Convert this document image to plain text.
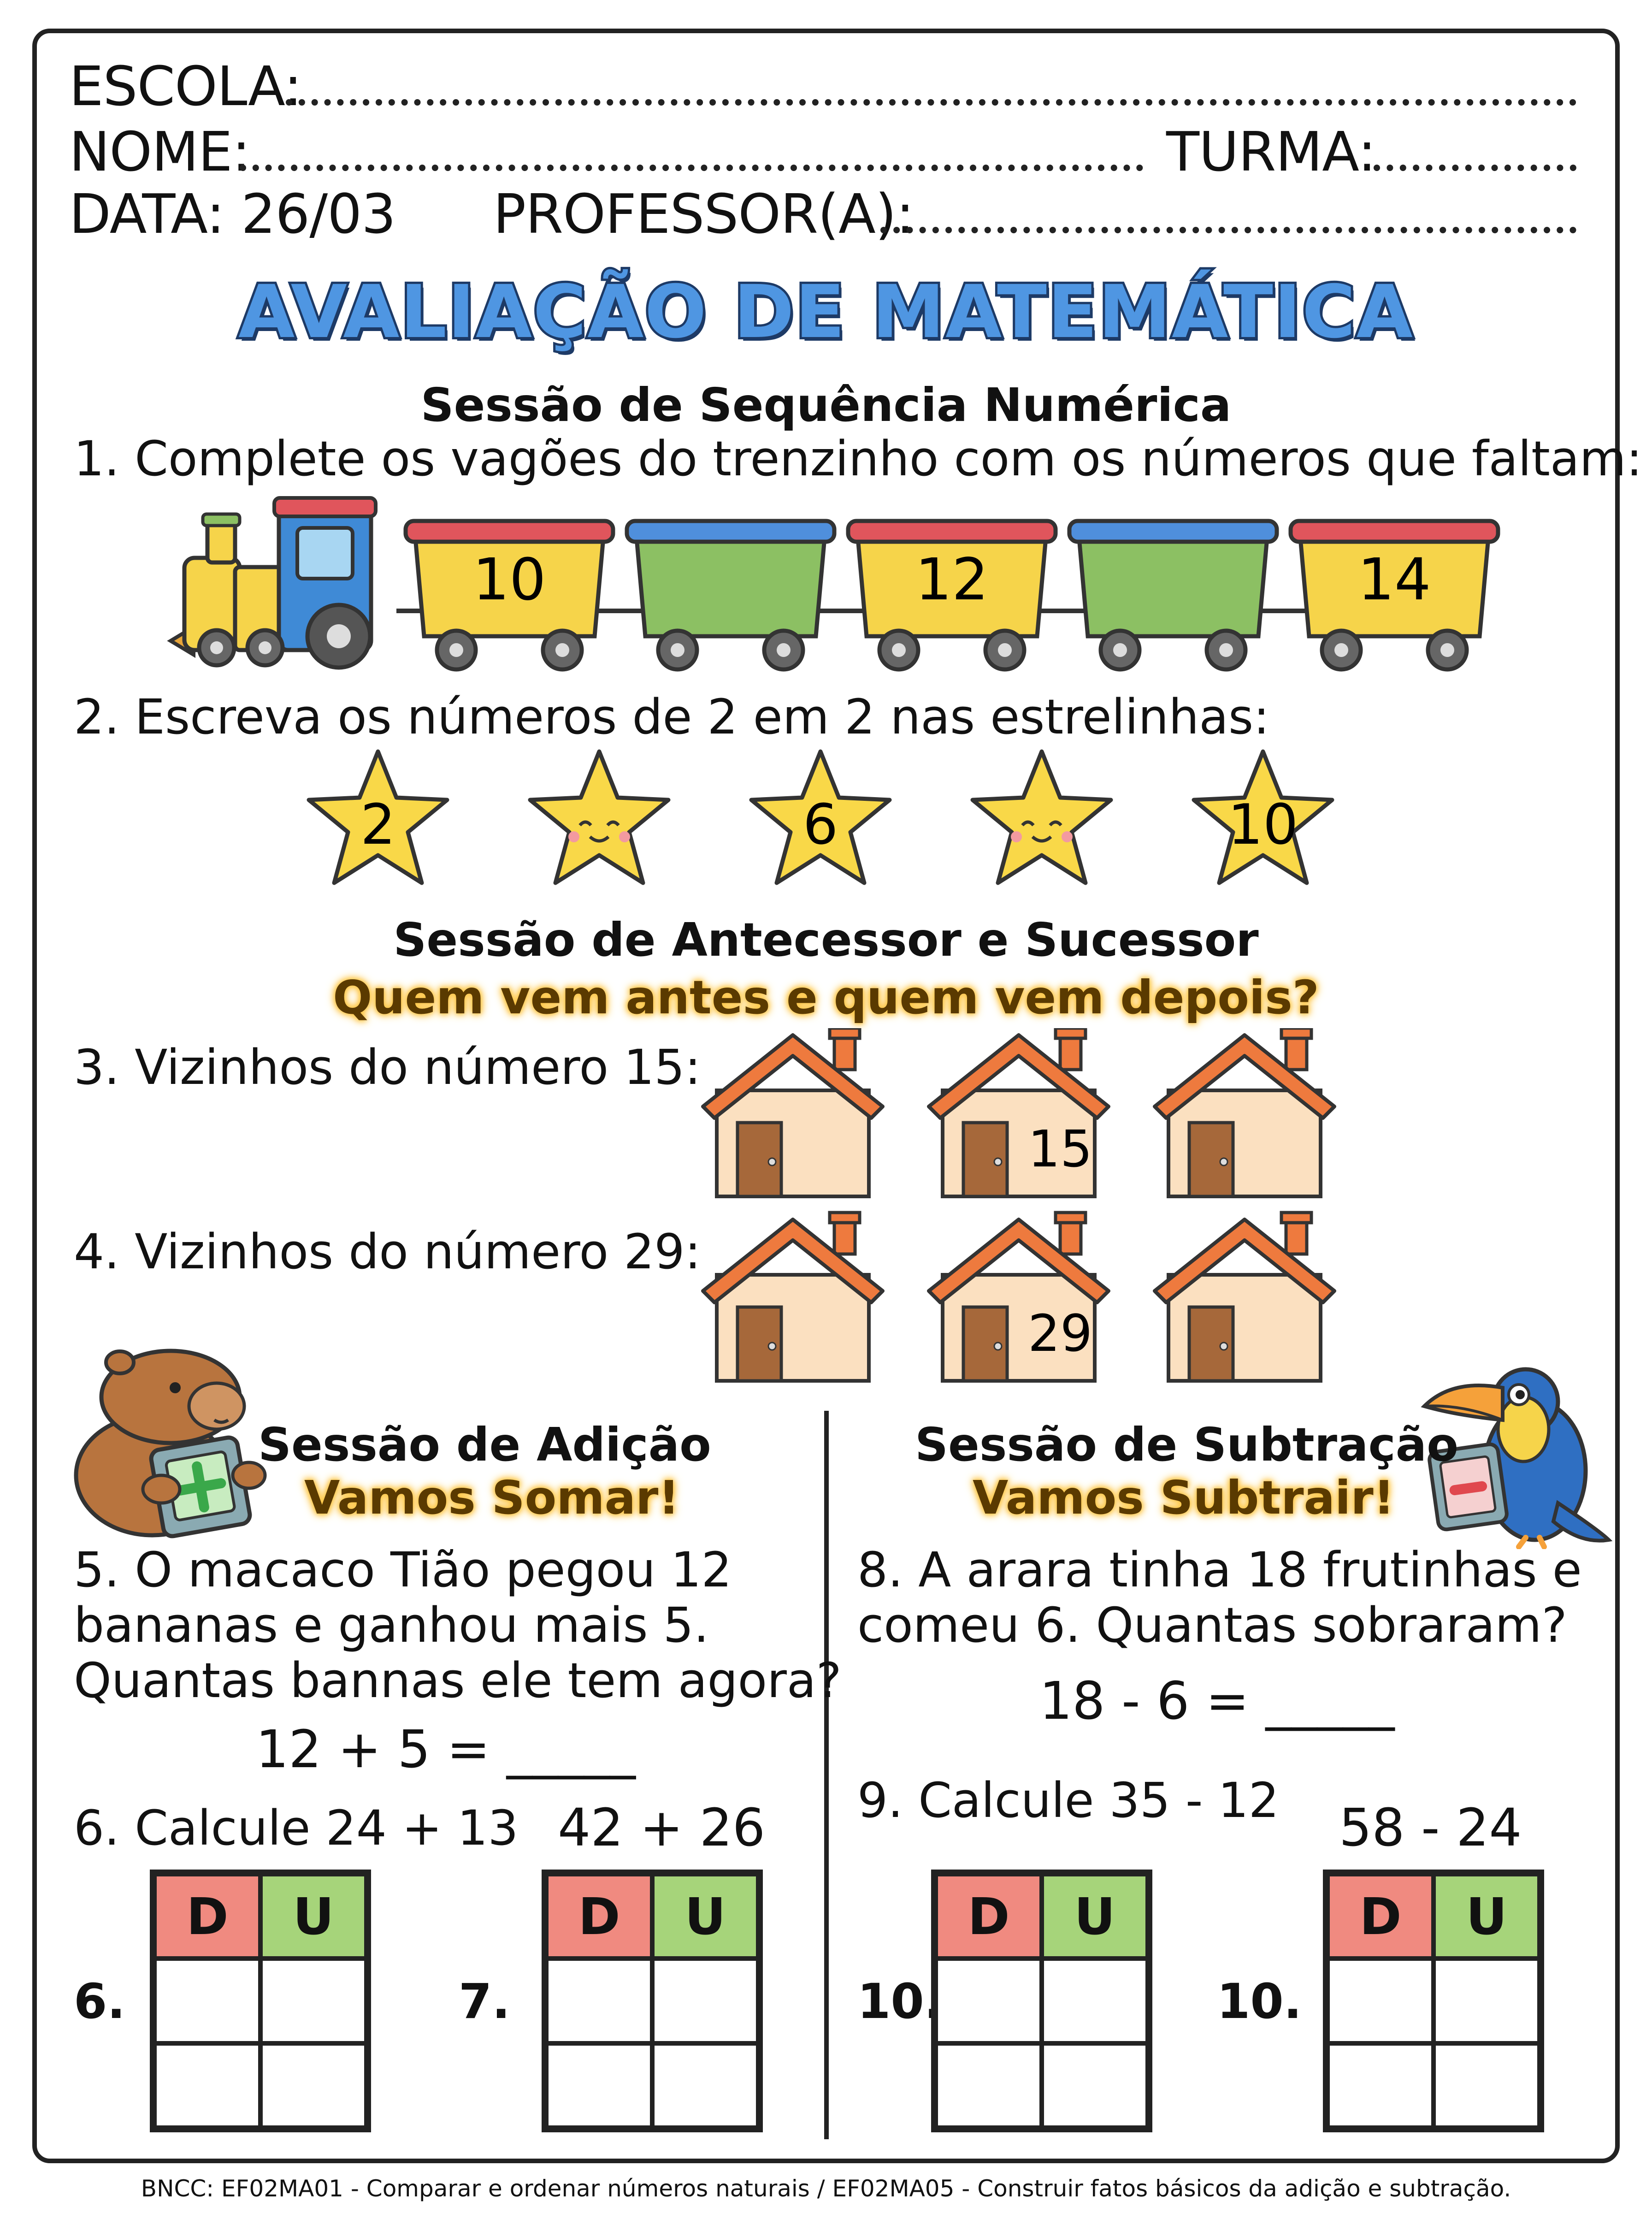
ESCOLA:
NOME:	TURMA:
DATA: 26/03 PROFESSOR(A):
AVALIAÇÃO DE MATEMÁTICA
Sessão de Sequência Numérica
1. Complete os vagões do trenzinho com os números que faltam:
10	12	14
2. Escreva os números de 2 em 2 nas estrelinhas:
2	6	10
Sessão de Antecessor e Sucessor
Quem vem antes e quem vem depois?
3. Vizinhos do número 15:
4. Vizinhos do número 29:
15
29
Sessão de Adição
Vamos Somar!
5. O macaco Tião pegou 12
bananas e ganhou mais 5.
Quantas bannas ele tem agora?
12 + 5 = _____
6. Calcule 24 + 13 42 + 26
6.
D	U
7.
D	U
Sessão de Subtração
Vamos Subtrair!
8. A arara tinha 18 frutinhas e
comeu 6. Quantas sobraram?
18 - 6 = _____
9. Calcule 35 - 12 58 - 24
10.
D	U
10.
D	U
BNCC: EF02MA01 - Comparar e ordenar números naturais / EF02MA05 - Construir fatos básicos da adição e subtração.
